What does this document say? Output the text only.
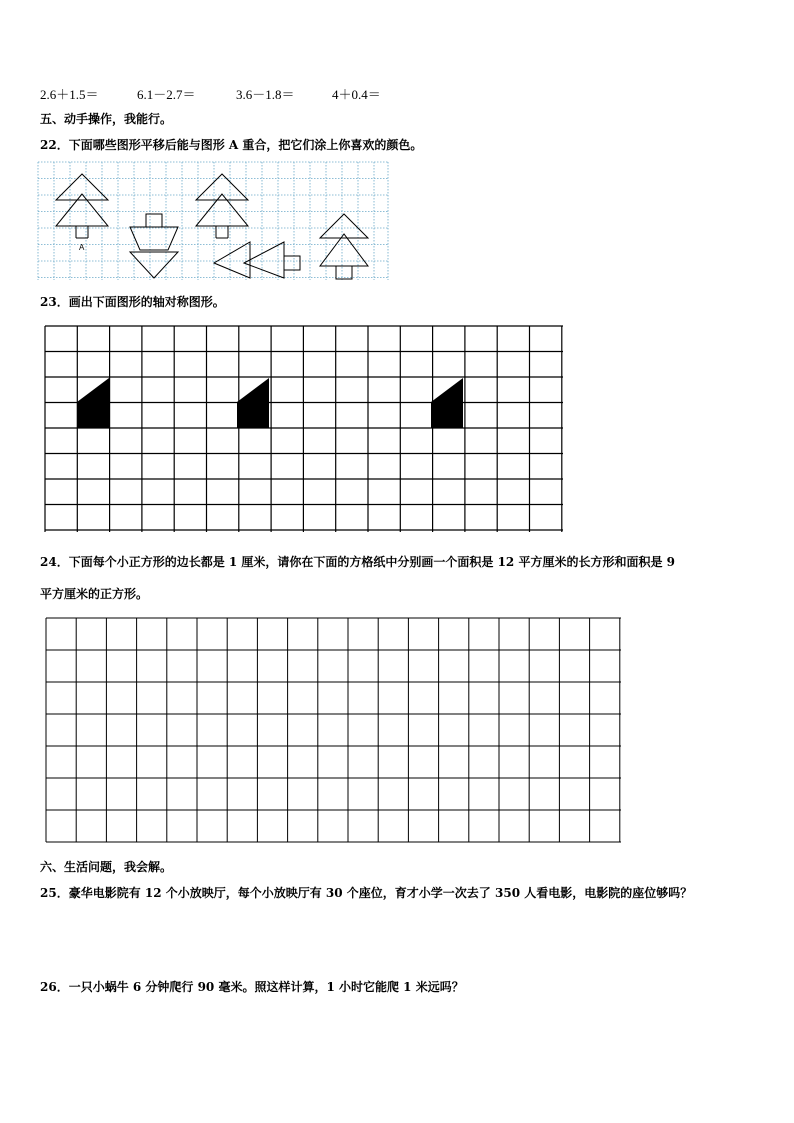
2.6＋1.5＝	6.1－2.7＝	3.6－1.8＝	4＋0.4＝
五、动手操作，我能行。
22．下面哪些图形平移后能与图形 A 重合，把它们涂上你喜欢的颜色。
A
23．画出下面图形的轴对称图形。
24．下面每个小正方形的边长都是 1 厘米，请你在下面的方格纸中分别画一个面积是 12 平方厘米的长方形和面积是 9
平方厘米的正方形。
六、生活问题，我会解。
25．豪华电影院有 12 个小放映厅，每个小放映厅有 30 个座位，育才小学一次去了 350 人看电影，电影院的座位够吗？
26．一只小蜗牛 6 分钟爬行 90 毫米。照这样计算，1 小时它能爬 1 米远吗？
